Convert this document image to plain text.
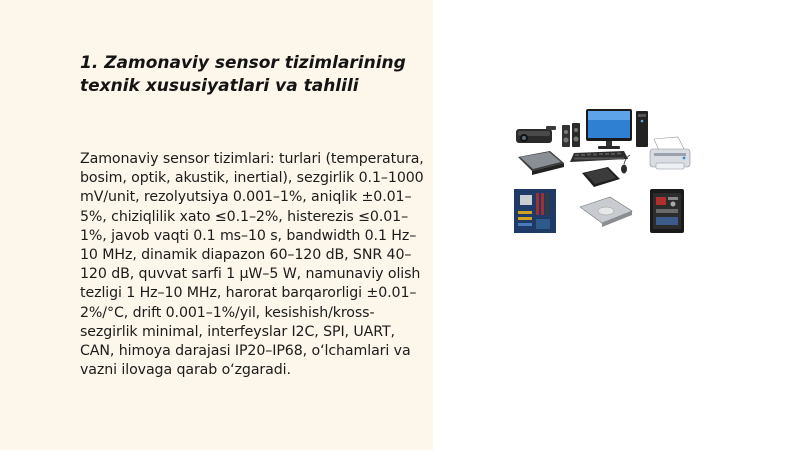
1. Zamonaviy sensor tizimlarining
texnik xususiyatlari va tahlili

Zamonaviy sensor tizimlari: turlari (temperatura, bosim, optik, akustik, inertial), sezgirlik 0.1–1000 mV/unit, rezolyutsiya 0.001–1%, aniqlik ±0.01–5%, chiziqlilik xato ≤0.1–2%, histerezis ≤0.01–1%, javob vaqti 0.1 ms–10 s, bandwidth 0.1 Hz–10 MHz, dinamik diapazon 60–120 dB, SNR 40–120 dB, quvvat sarfi 1 μW–5 W, namunaviy olish tezligi 1 Hz–10 MHz, harorat barqarorligi ±0.01–2%/°C, drift 0.001–1%/yil, kesishish/kross-sezgirlik minimal, interfeyslar I2C, SPI, UART, CAN, himoya darajasi IP20–IP68, o‘lchamlari va vazni ilovaga qarab o‘zgaradi.
